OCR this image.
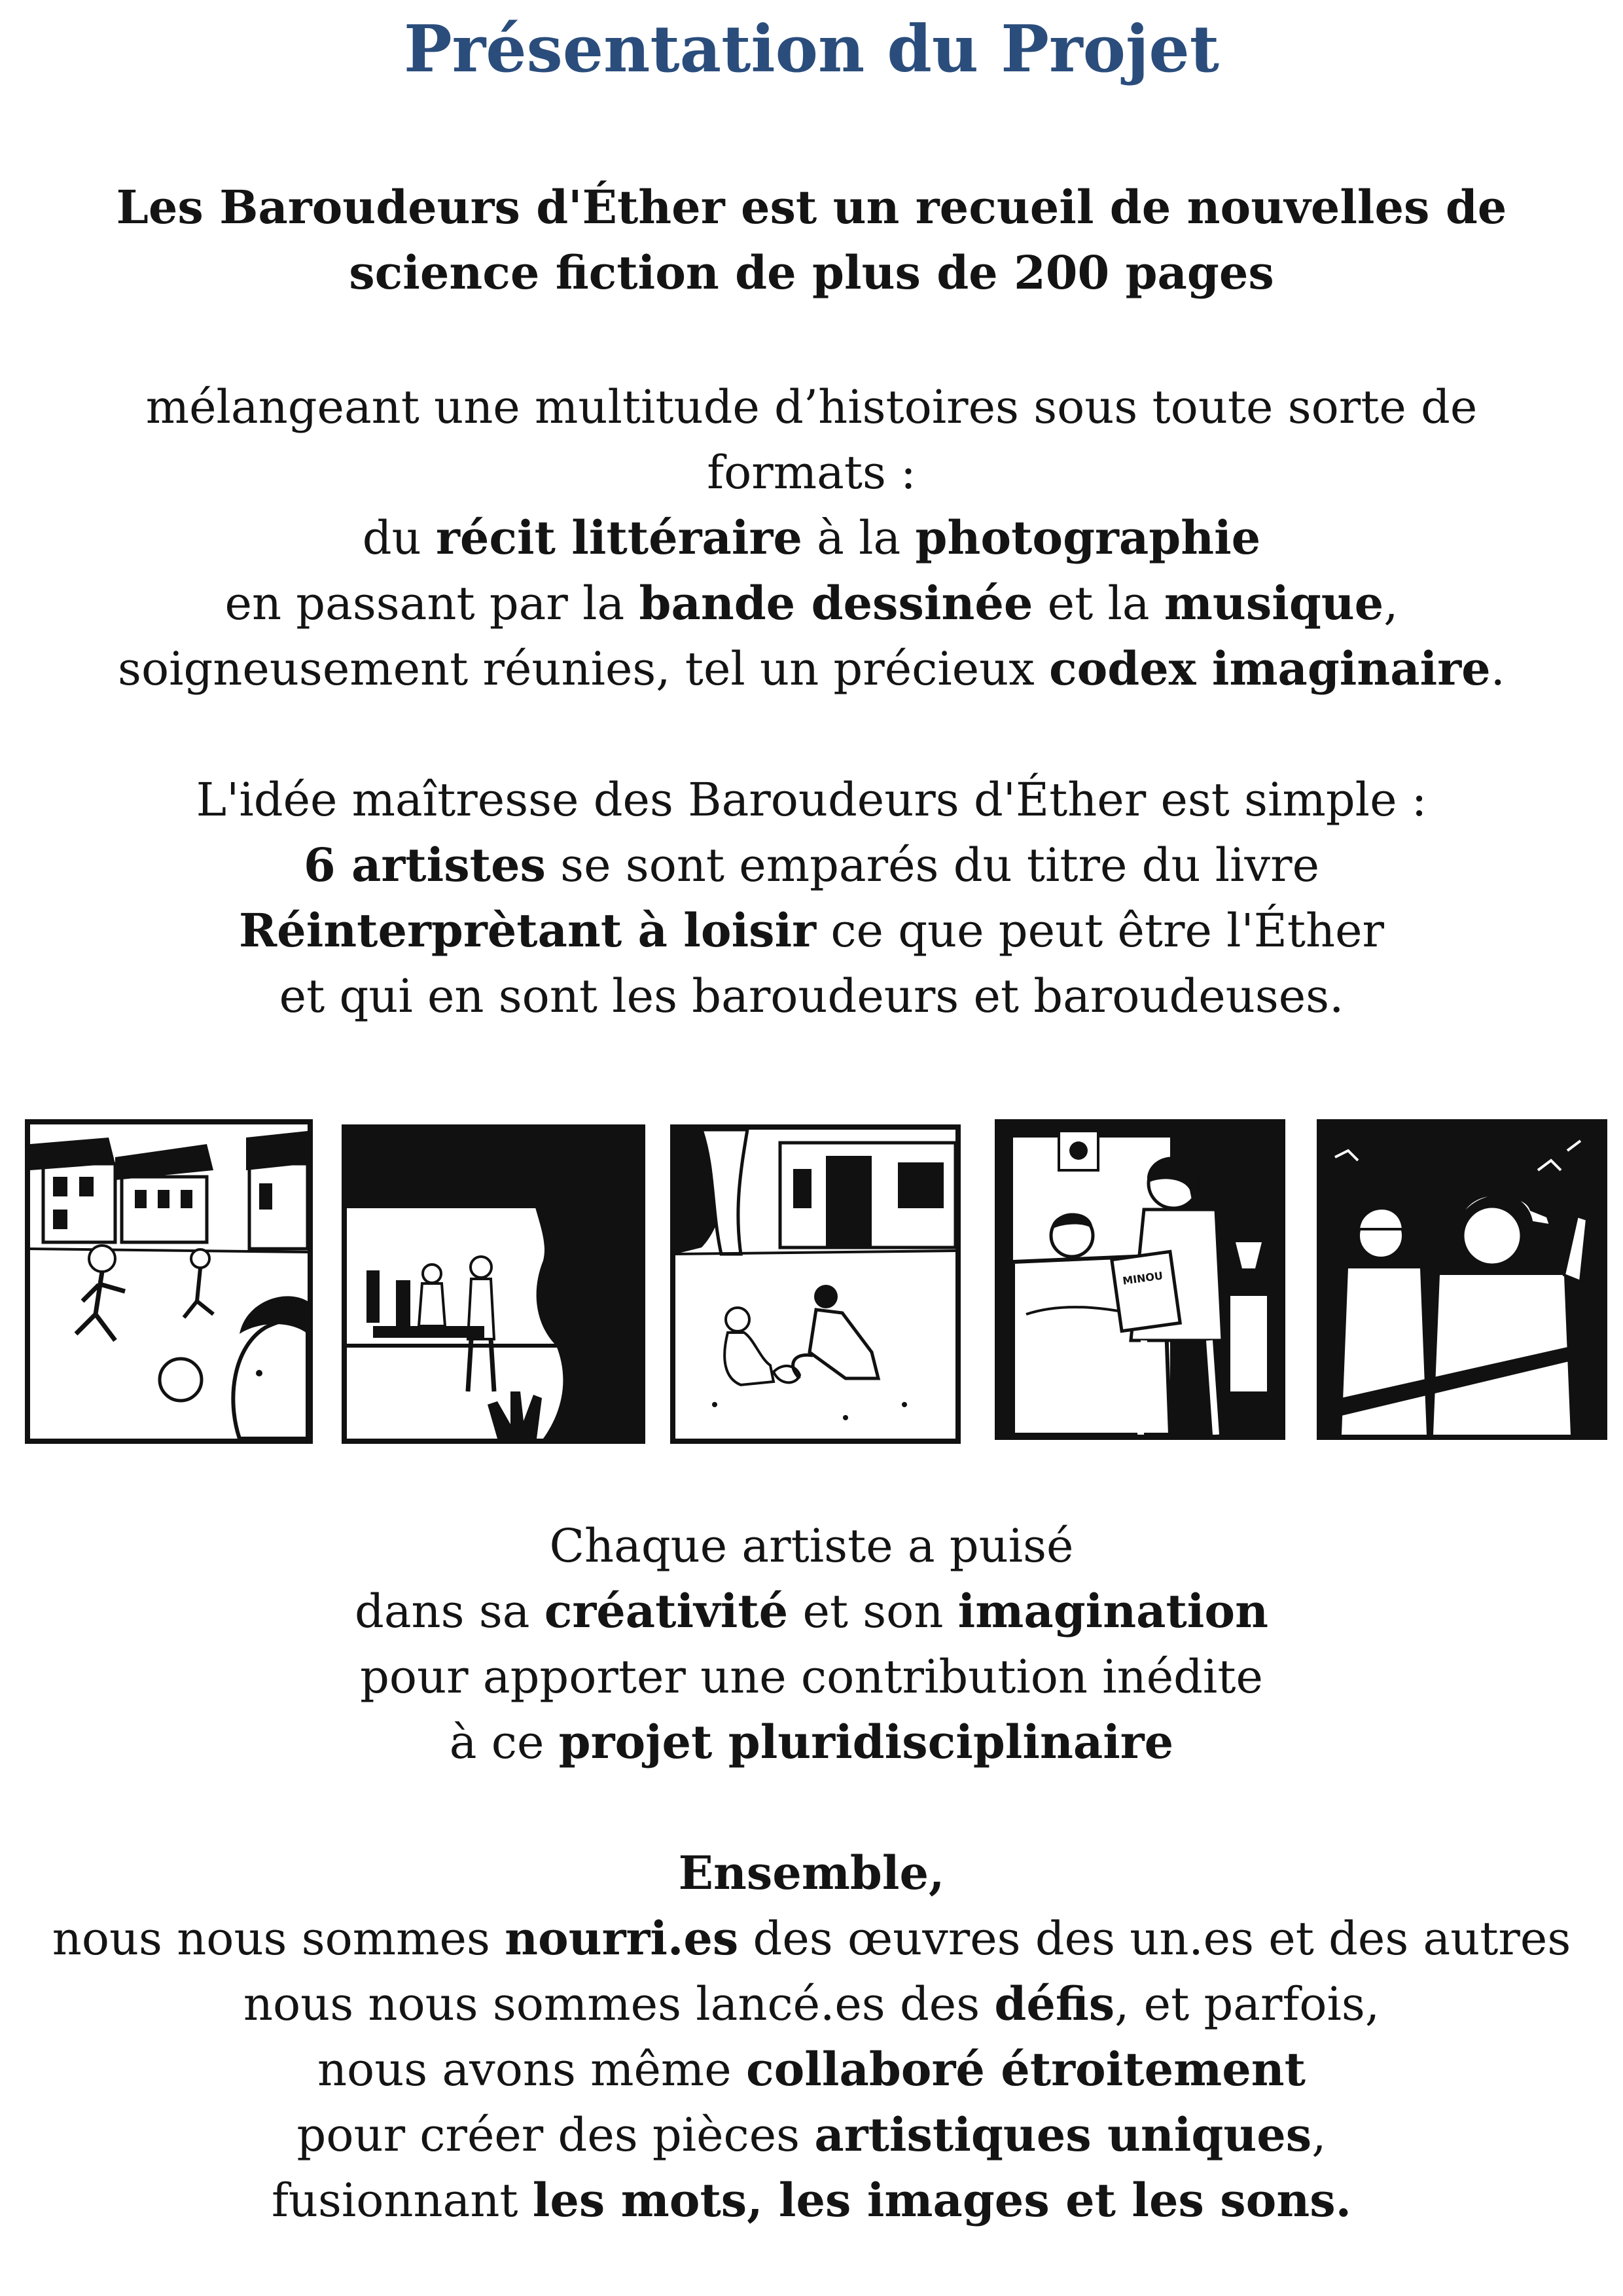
Présentation du Projet
Les Baroudeurs d'Éther est un recueil de nouvelles de
science fiction de plus de 200 pages
mélangeant une multitude d’histoires sous toute sorte de
formats :
du récit littéraire à la photographie
en passant par la bande dessinée et la musique,
soigneusement réunies, tel un précieux codex imaginaire.
L'idée maîtresse des Baroudeurs d'Éther est simple :
6 artistes se sont emparés du titre du livre
Réinterprètant à loisir ce que peut être l'Éther
et qui en sont les baroudeurs et baroudeuses.
MINOU
Chaque artiste a puisé
dans sa créativité et son imagination
pour apporter une contribution inédite
à ce projet pluridisciplinaire
Ensemble,
nous nous sommes nourri.es des œuvres des un.es et des autres
nous nous sommes lancé.es des défis, et parfois,
nous avons même collaboré étroitement
pour créer des pièces artistiques uniques,
fusionnant les mots, les images et les sons.
